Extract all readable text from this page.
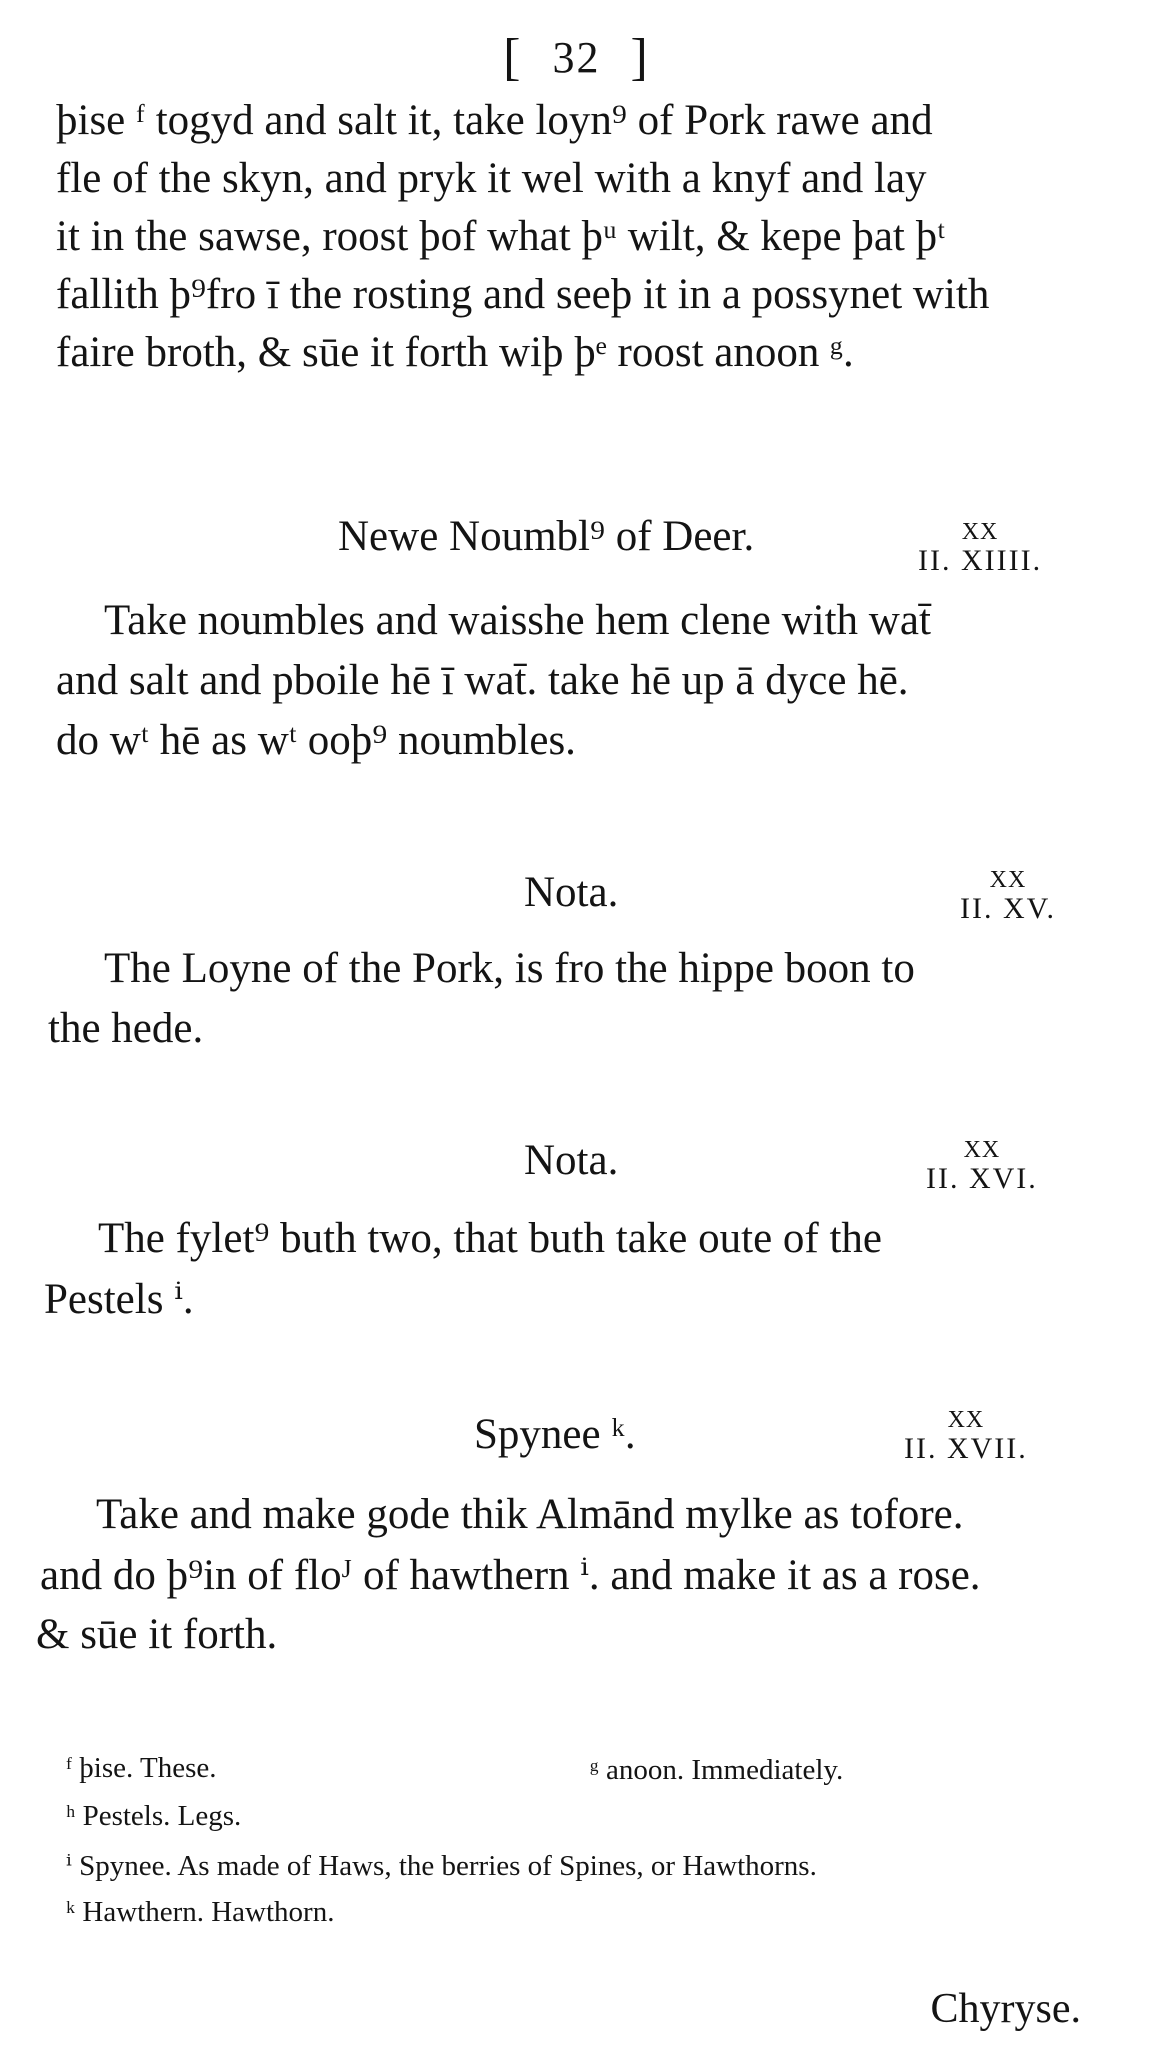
[ 32 ]
þise ᶠ togyd and salt it, take loyn⁹ of Pork rawe and
fle of the skyn, and pryk it wel with a knyf and lay
it in the sawse, roost þof what þᵘ wilt, & kepe þat þᵗ
fallith þ⁹fro ī the rosting and seeþ it in a possynet with
faire broth, & sūe it forth wiþ þᵉ roost anoon ᵍ.
Newe Noumbl⁹ of Deer.	XX
II. XIIII.
Take noumbles and waisshe hem clene with wat̄
and salt and pboile hē ī wat̄. take hē up ā dyce hē.
do wᵗ hē as wᵗ ooþ⁹ noumbles.
Nota.	XX
II. XV.
The Loyne of the Pork, is fro the hippe boon to
the hede.
Nota.	XX
II. XVI.
The fylet⁹ buth two, that buth take oute of the
Pestels ⁱ.
Spynee ᵏ.	XX
II. XVII.
Take and make gode thik Almānd mylke as tofore.
and do þ⁹in of floᴶ of hawthern ⁱ. and make it as a rose.
& sūe it forth.
ᶠ þise. These.	ᵍ anoon. Immediately.
ʰ Pestels. Legs.
ⁱ Spynee. As made of Haws, the berries of Spines, or Hawthorns.
ᵏ Hawthern. Hawthorn.
Chyryse.
